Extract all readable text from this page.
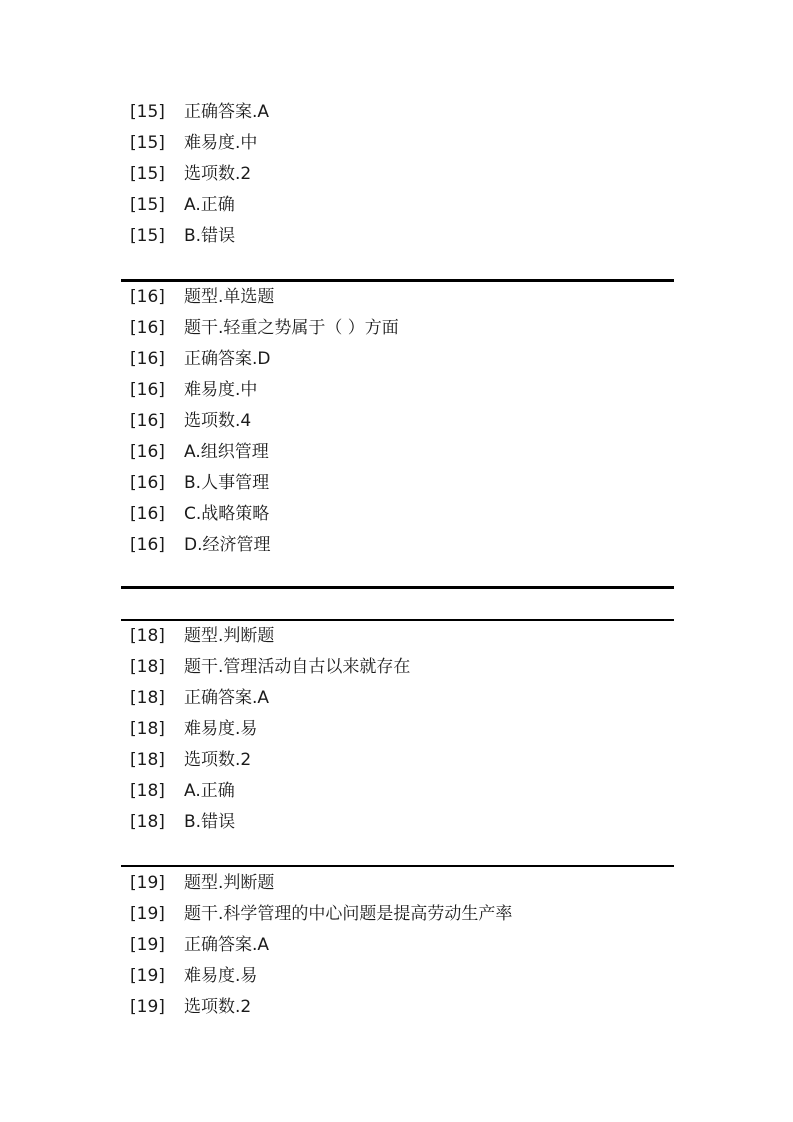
[15] 正确答案.A
[15] 难易度.中
[15] 选项数.2
[15] A.正确
[15] B.错误
[16] 题型.单选题
[16] 题干.轻重之势属于（ ）方面
[16] 正确答案.D
[16] 难易度.中
[16] 选项数.4
[16] A.组织管理
[16] B.人事管理
[16] C.战略策略
[16] D.经济管理
[18] 题型.判断题
[18] 题干.管理活动自古以来就存在
[18] 正确答案.A
[18] 难易度.易
[18] 选项数.2
[18] A.正确
[18] B.错误
[19] 题型.判断题
[19] 题干.科学管理的中心问题是提高劳动生产率
[19] 正确答案.A
[19] 难易度.易
[19] 选项数.2
